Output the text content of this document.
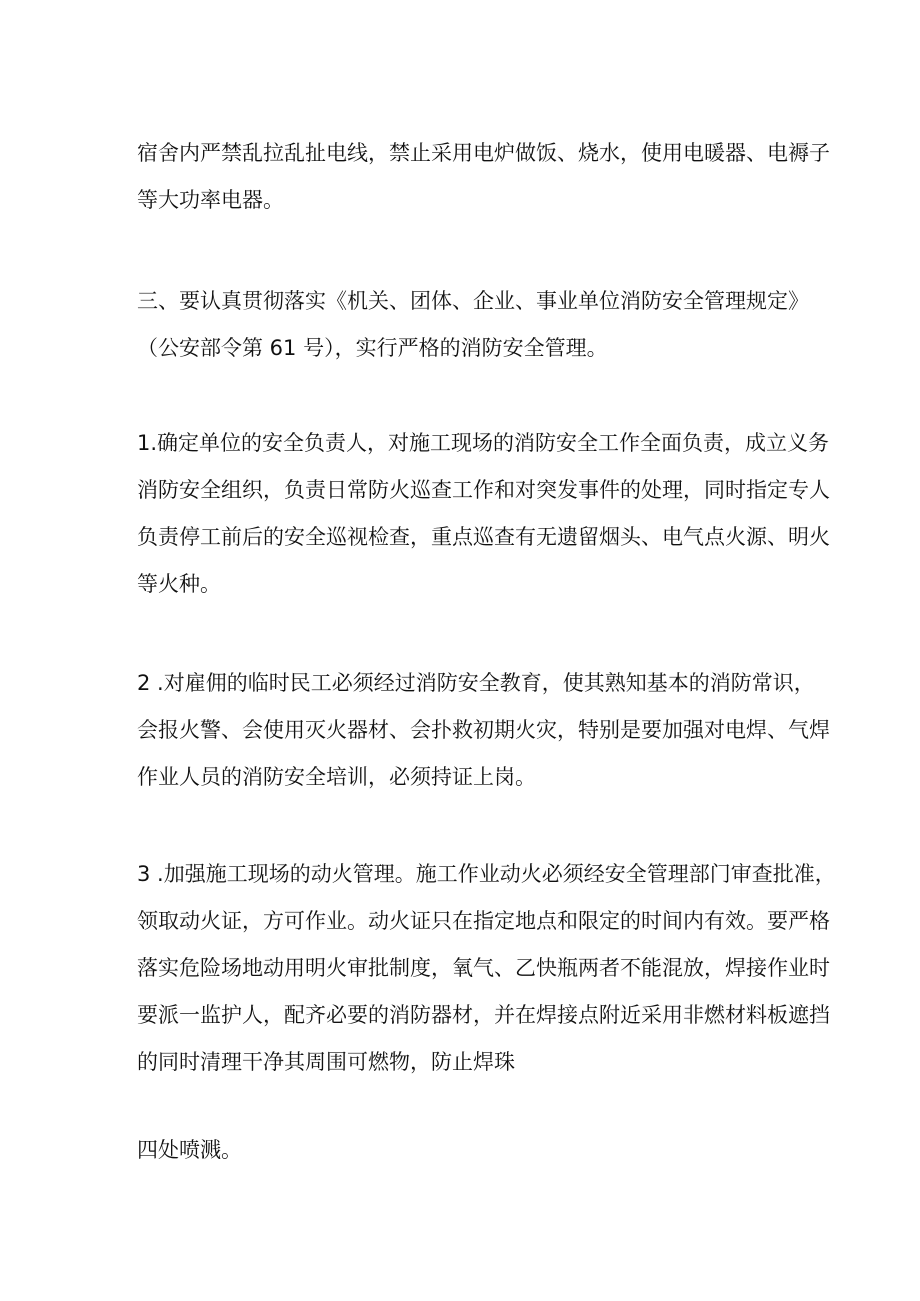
宿舍内严禁乱拉乱扯电线，禁止采用电炉做饭、烧水，使用电暖器、电褥子
等大功率电器。
三、要认真贯彻落实《机关、团体、企业、事业单位消防安全管理规定》
（公安部令第 61 号），实行严格的消防安全管理。
1.确定单位的安全负责人，对施工现场的消防安全工作全面负责，成立义务
消防安全组织，负责日常防火巡查工作和对突发事件的处理，同时指定专人
负责停工前后的安全巡视检查，重点巡查有无遗留烟头、电气点火源、明火
等火种。
2 .对雇佣的临时民工必须经过消防安全教育，使其熟知基本的消防常识，
会报火警、会使用灭火器材、会扑救初期火灾，特别是要加强对电焊、气焊
作业人员的消防安全培训，必须持证上岗。
3 .加强施工现场的动火管理。施工作业动火必须经安全管理部门审查批准，
领取动火证，方可作业。动火证只在指定地点和限定的时间内有效。要严格
落实危险场地动用明火审批制度，氧气、乙快瓶两者不能混放，焊接作业时
要派一监护人，配齐必要的消防器材，并在焊接点附近采用非燃材料板遮挡
的同时清理干净其周围可燃物，防止焊珠
四处喷溅。
